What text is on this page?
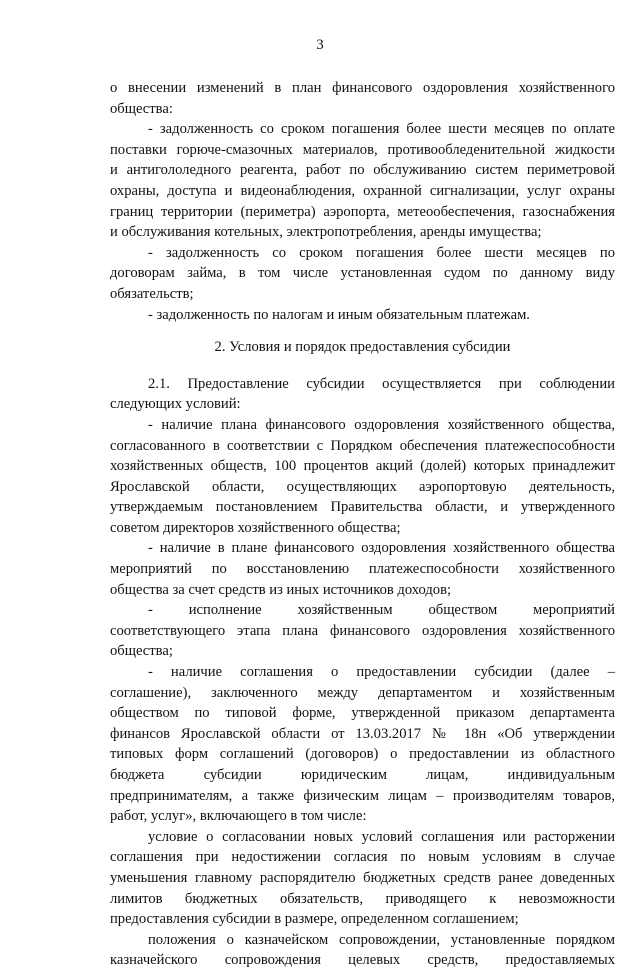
3
о внесении изменений в план финансового оздоровления хозяйственного
общества:
- задолженность со сроком погашения более шести месяцев по оплате
поставки горюче-смазочных материалов, противообледенительной жидкости
и антигололедного реагента, работ по обслуживанию систем периметровой
охраны, доступа и видеонаблюдения, охранной сигнализации, услуг охраны
границ территории (периметра) аэропорта, метеообеспечения, газоснабжения
и обслуживания котельных, электропотребления, аренды имущества;
- задолженность со сроком погашения более шести месяцев по
договорам займа, в том числе установленная судом по данному виду
обязательств;
- задолженность по налогам и иным обязательным платежам.
2. Условия и порядок предоставления субсидии
2.1. Предоставление субсидии осуществляется при соблюдении
следующих условий:
- наличие плана финансового оздоровления хозяйственного общества,
согласованного в соответствии с Порядком обеспечения платежеспособности
хозяйственных обществ, 100 процентов акций (долей) которых принадлежит
Ярославской области, осуществляющих аэропортовую деятельность,
утверждаемым постановлением Правительства области, и утвержденного
советом директоров хозяйственного общества;
- наличие в плане финансового оздоровления хозяйственного общества
мероприятий по восстановлению платежеспособности хозяйственного
общества за счет средств из иных источников доходов;
- исполнение хозяйственным обществом мероприятий
соответствующего этапа плана финансового оздоровления хозяйственного
общества;
- наличие соглашения о предоставлении субсидии (далее –
соглашение), заключенного между департаментом и хозяйственным
обществом по типовой форме, утвержденной приказом департамента
финансов Ярославской области от 13.03.2017 № 18н «Об утверждении
типовых форм соглашений (договоров) о предоставлении из областного
бюджета субсидии юридическим лицам, индивидуальным
предпринимателям, а также физическим лицам – производителям товаров,
работ, услуг», включающего в том числе:
условие о согласовании новых условий соглашения или расторжении
соглашения при недостижении согласия по новым условиям в случае
уменьшения главному распорядителю бюджетных средств ранее доведенных
лимитов бюджетных обязательств, приводящего к невозможности
предоставления субсидии в размере, определенном соглашением;
положения о казначейском сопровождении, установленные порядком
казначейского сопровождения целевых средств, предоставляемых
